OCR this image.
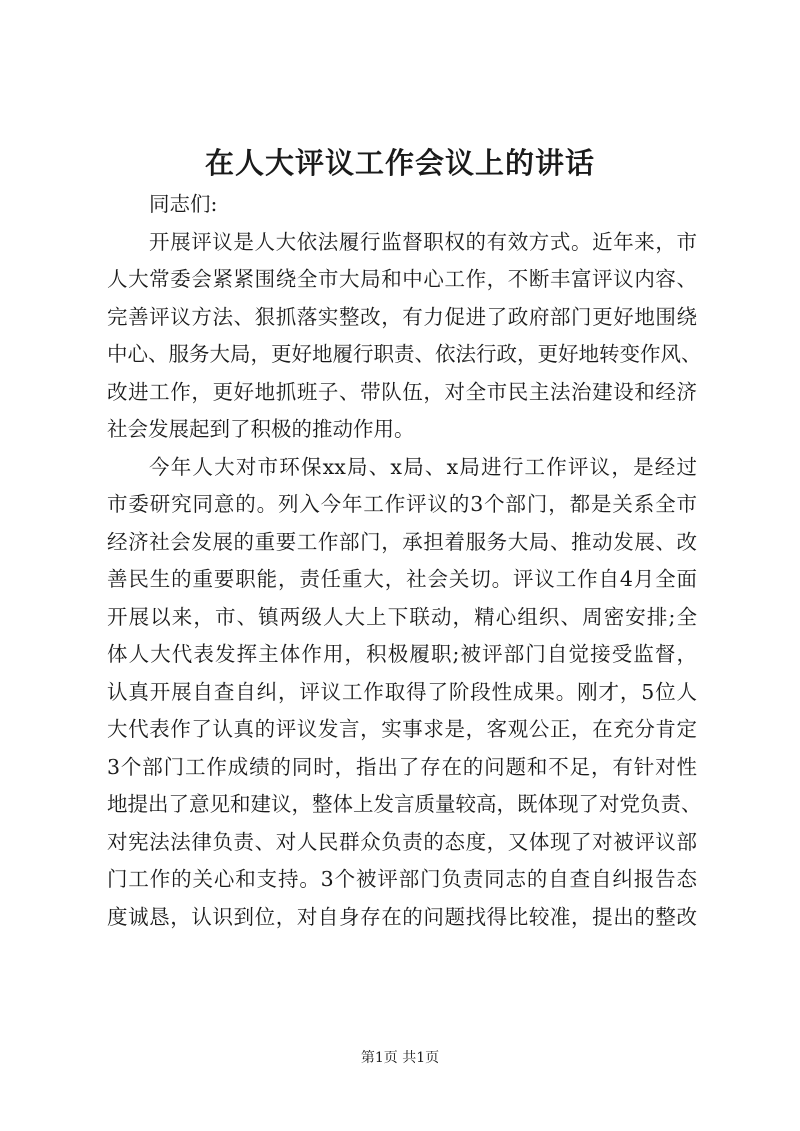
在人大评议工作会议上的讲话
同志们:
开展评议是人大依法履行监督职权的有效方式。近年来，市
人大常委会紧紧围绕全市大局和中心工作，不断丰富评议内容、
完善评议方法、狠抓落实整改，有力促进了政府部门更好地围绕
中心、服务大局，更好地履行职责、依法行政，更好地转变作风、
改进工作，更好地抓班子、带队伍，对全市民主法治建设和经济
社会发展起到了积极的推动作用。
今年人大对市环保xx局、x局、x局进行工作评议，是经过
市委研究同意的。列入今年工作评议的3个部门，都是关系全市
经济社会发展的重要工作部门，承担着服务大局、推动发展、改
善民生的重要职能，责任重大，社会关切。评议工作自4月全面
开展以来，市、镇两级人大上下联动，精心组织、周密安排;全
体人大代表发挥主体作用，积极履职;被评部门自觉接受监督，
认真开展自查自纠，评议工作取得了阶段性成果。刚才，5位人
大代表作了认真的评议发言，实事求是，客观公正，在充分肯定
3个部门工作成绩的同时，指出了存在的问题和不足，有针对性
地提出了意见和建议，整体上发言质量较高，既体现了对党负责、
对宪法法律负责、对人民群众负责的态度，又体现了对被评议部
门工作的关心和支持。3个被评部门负责同志的自查自纠报告态
度诚恳，认识到位，对自身存在的问题找得比较准，提出的整改
第1页 共1页
